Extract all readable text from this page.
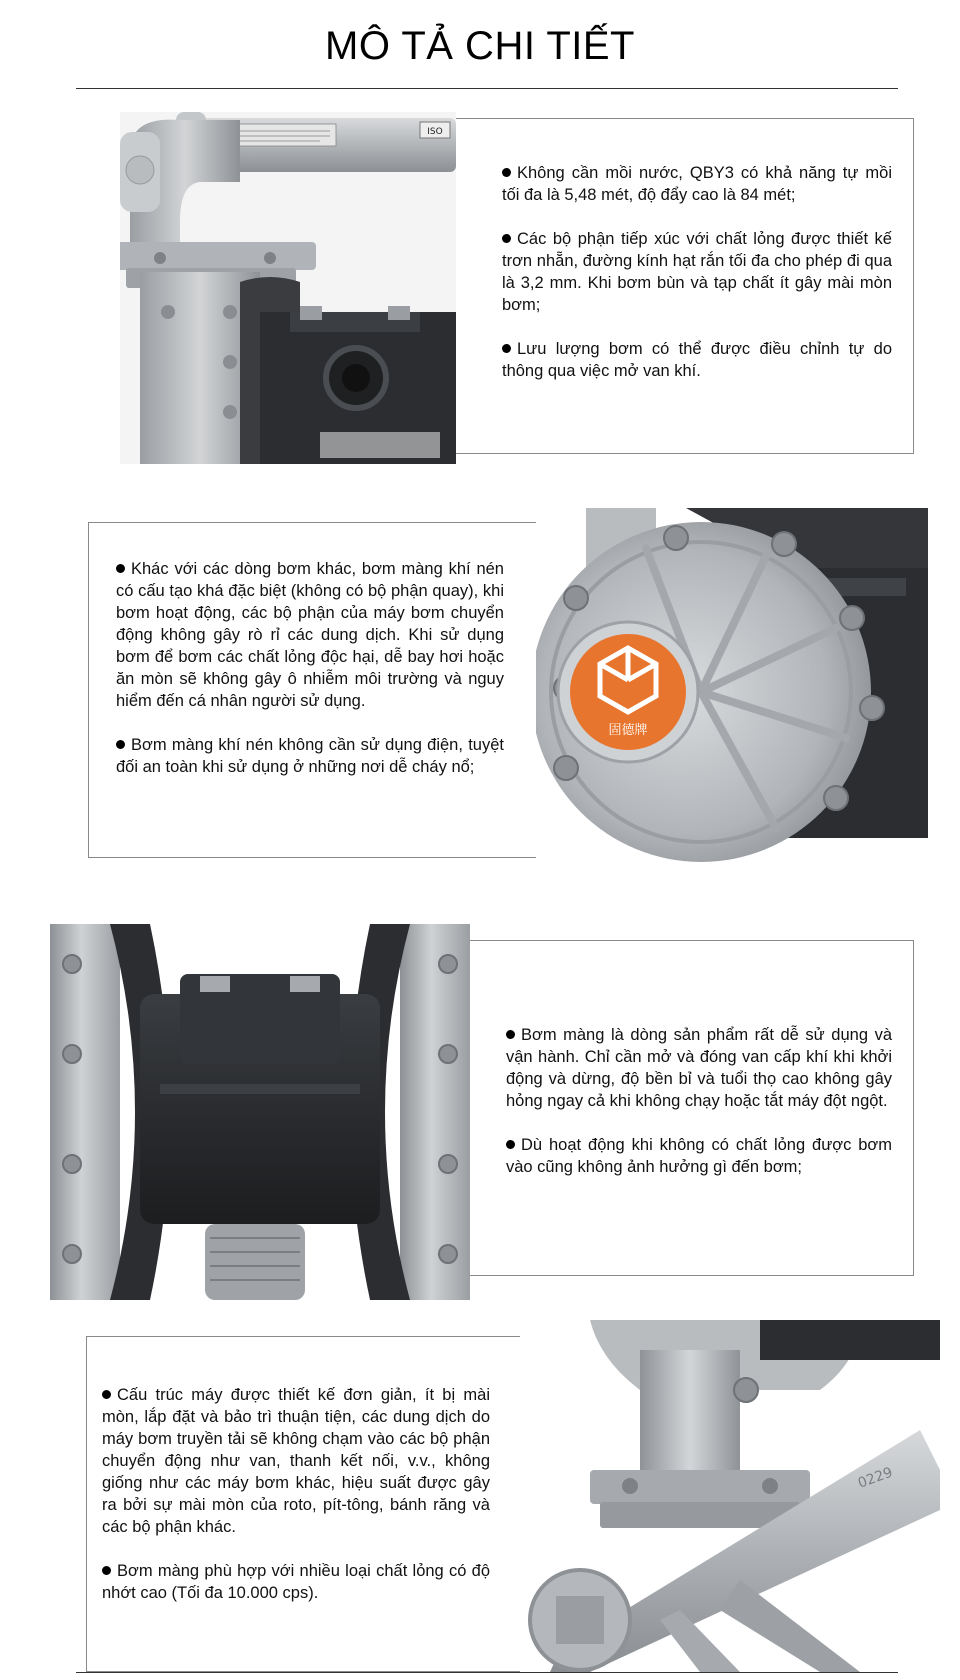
MÔ TẢ CHI TIẾT
ISO

Không cần mồi nước, QBY3 có khả năng tự mồi tối đa là 5,48 mét, độ đẩy cao là 84 mét;

Các bộ phận tiếp xúc với chất lỏng được thiết kế trơn nhẵn, đường kính hạt rắn tối đa cho phép đi qua là 3,2 mm. Khi bơm bùn và tạp chất ít gây mài mòn bơm;

Lưu lượng bơm có thể được điều chỉnh tự do thông qua việc mở van khí.

固德牌

Khác với các dòng bơm khác, bơm màng khí nén có cấu tạo khá đặc biệt (không có bộ phận quay), khi bơm hoạt động, các bộ phận của máy bơm chuyển động không gây rò rỉ các dung dịch. Khi sử dụng bơm để bơm các chất lỏng độc hại, dễ bay hơi hoặc ăn mòn sẽ không gây ô nhiễm môi trường và nguy hiểm đến cá nhân người sử dụng.

Bơm màng khí nén không cần sử dụng điện, tuyệt đối an toàn khi sử dụng ở những nơi dễ cháy nổ;

Bơm màng là dòng sản phẩm rất dễ sử dụng và vận hành. Chỉ cần mở và đóng van cấp khí khi khởi động và dừng, độ bền bỉ và tuổi thọ cao không gây hỏng ngay cả khi không chạy hoặc tắt máy đột ngột.

Dù hoạt động khi không có chất lỏng được bơm vào cũng không ảnh hưởng gì đến bơm;

0229

Cấu trúc máy được thiết kế đơn giản, ít bị mài mòn, lắp đặt và bảo trì thuận tiện, các dung dịch do máy bơm truyền tải sẽ không chạm vào các bộ phận chuyển động như van, thanh kết nối, v.v., không giống như các máy bơm khác, hiệu suất được gây ra bởi sự mài mòn của roto, pít-tông, bánh răng và các bộ phận khác.

Bơm màng phù hợp với nhiều loại chất lỏng có độ nhớt cao (Tối đa 10.000 cps).
